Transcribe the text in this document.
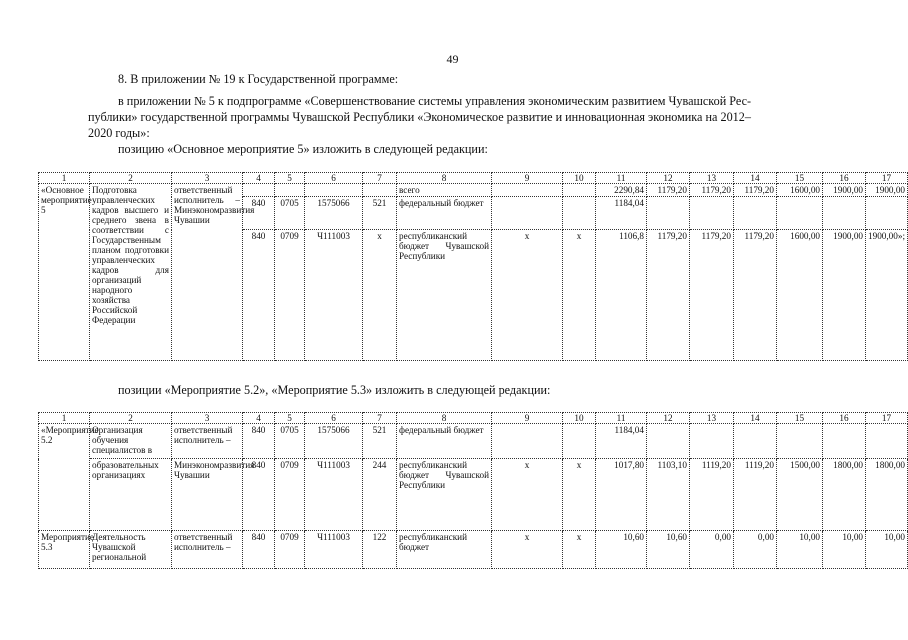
49
8. В приложении № 19 к Государственной программе:
в приложении № 5 к подпрограмме «Совершенствование системы управления экономическим развитием Чувашской Рес-
публики» государственной программы Чувашской Республики «Экономическое развитие и инновационная экономика на 2012–
2020 годы»:
позицию «Основное мероприятие 5» изложить в следующей редакции:
1	2	3	4	5	6	7	8	9	10	11	12	13	14	15	16	17
«Основное мероприятие 5	Подготовка управленческих кадров высшего и среднего звена в соответствии с Государственным планом подготовки управленческих кадров для организаций народного хозяйства Российской Федерации	ответственный исполнитель – Минэкономразвития Чувашии					всего			2290,84	1179,20	1179,20	1179,20	1600,00	1900,00	1900,00
			840	0705	1575066	521	федеральный бюджет			1184,04						
			840	0709	Ч111003	х	республиканский бюджет Чувашской Республики	х	х	1106,8	1179,20	1179,20	1179,20	1600,00	1900,00	1900,00»;
позиции «Мероприятие 5.2», «Мероприятие 5.3» изложить в следующей редакции:
1	2	3	4	5	6	7	8	9	10	11	12	13	14	15	16	17
«Мероприятие 5.2	Организация обучения специалистов в	ответственный исполнитель –	840	0705	1575066	521	федеральный бюджет			1184,04						
	образовательных организациях	Минэкономразвития Чувашии	840	0709	Ч111003	244	республиканский бюджет Чувашской Республики	х	х	1017,80	1103,10	1119,20	1119,20	1500,00	1800,00	1800,00
Мероприятие 5.3	Деятельность Чувашской региональной	ответственный исполнитель –	840	0709	Ч111003	122	республиканский бюджет	х	х	10,60	10,60	0,00	0,00	10,00	10,00	10,00
